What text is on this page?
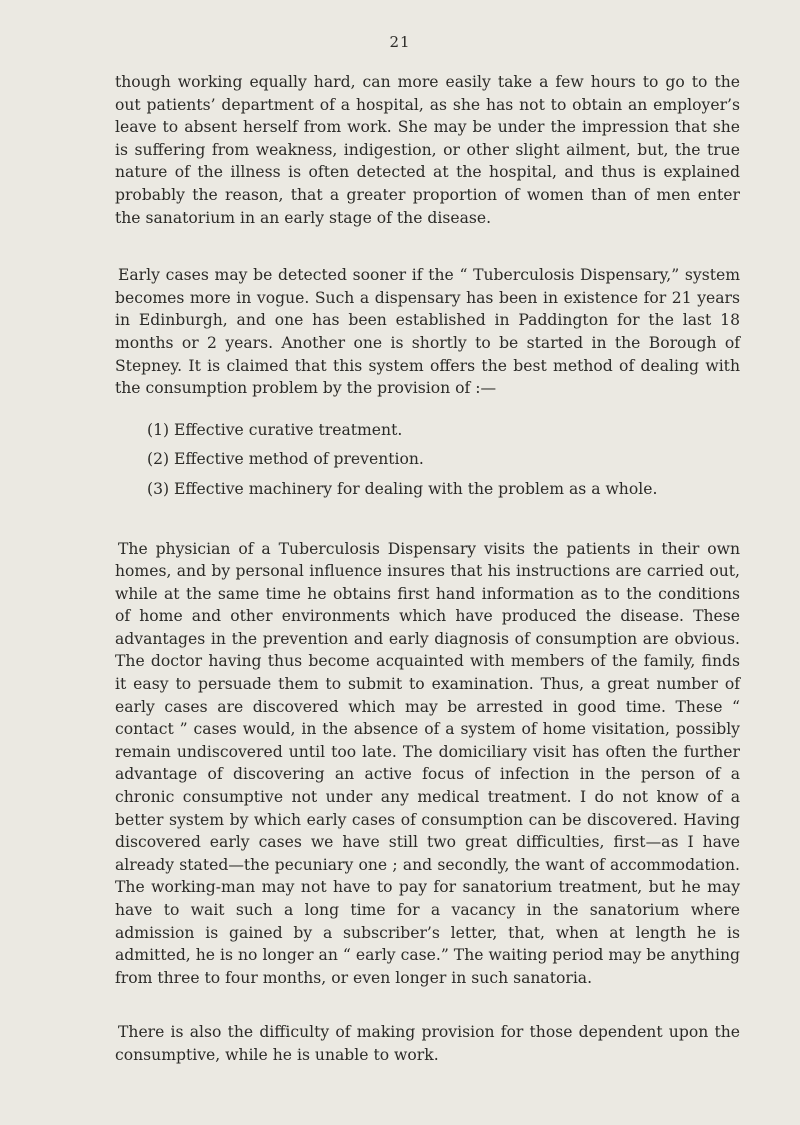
21

though working equally hard, can more easily take a few hours to go to the out patients’ department of a hospital, as she has not to obtain an employer’s leave to absent herself from work. She may be under the impression that she is suffering from weakness, indigestion, or other slight ailment, but, the true nature of the illness is often detected at the hospital, and thus is explained probably the reason, that a greater proportion of women than of men enter the sanatorium in an early stage of the disease.

Early cases may be detected sooner if the “ Tuberculosis Dispensary,” system becomes more in vogue. Such a dispensary has been in existence for 21 years in Edinburgh, and one has been established in Paddington for the last 18 months or 2 years. Another one is shortly to be started in the Borough of Stepney. It is claimed that this system offers the best method of dealing with the consumption problem by the provision of :—

(1) Effective curative treatment.
(2) Effective method of prevention.
(3) Effective machinery for dealing with the problem as a whole.

The physician of a Tuberculosis Dispensary visits the patients in their own homes, and by personal influence insures that his instructions are carried out, while at the same time he obtains first hand information as to the conditions of home and other environments which have produced the disease. These advantages in the prevention and early diagnosis of consumption are obvious. The doctor having thus become acquainted with members of the family, finds it easy to persuade them to submit to examination. Thus, a great number of early cases are discovered which may be arrested in good time. These “ contact ” cases would, in the absence of a system of home visitation, possibly remain undiscovered until too late. The domiciliary visit has often the further advantage of discovering an active focus of infection in the person of a chronic consumptive not under any medical treatment. I do not know of a better system by which early cases of consumption can be discovered. Having discovered early cases we have still two great difficulties, first—as I have already stated—the pecuniary one ; and secondly, the want of accommodation. The working-man may not have to pay for sanatorium treatment, but he may have to wait such a long time for a vacancy in the sanatorium where admission is gained by a subscriber’s letter, that, when at length he is admitted, he is no longer an “ early case.” The waiting period may be anything from three to four months, or even longer in such sanatoria.

There is also the difficulty of making provision for those dependent upon the consumptive, while he is unable to work.
